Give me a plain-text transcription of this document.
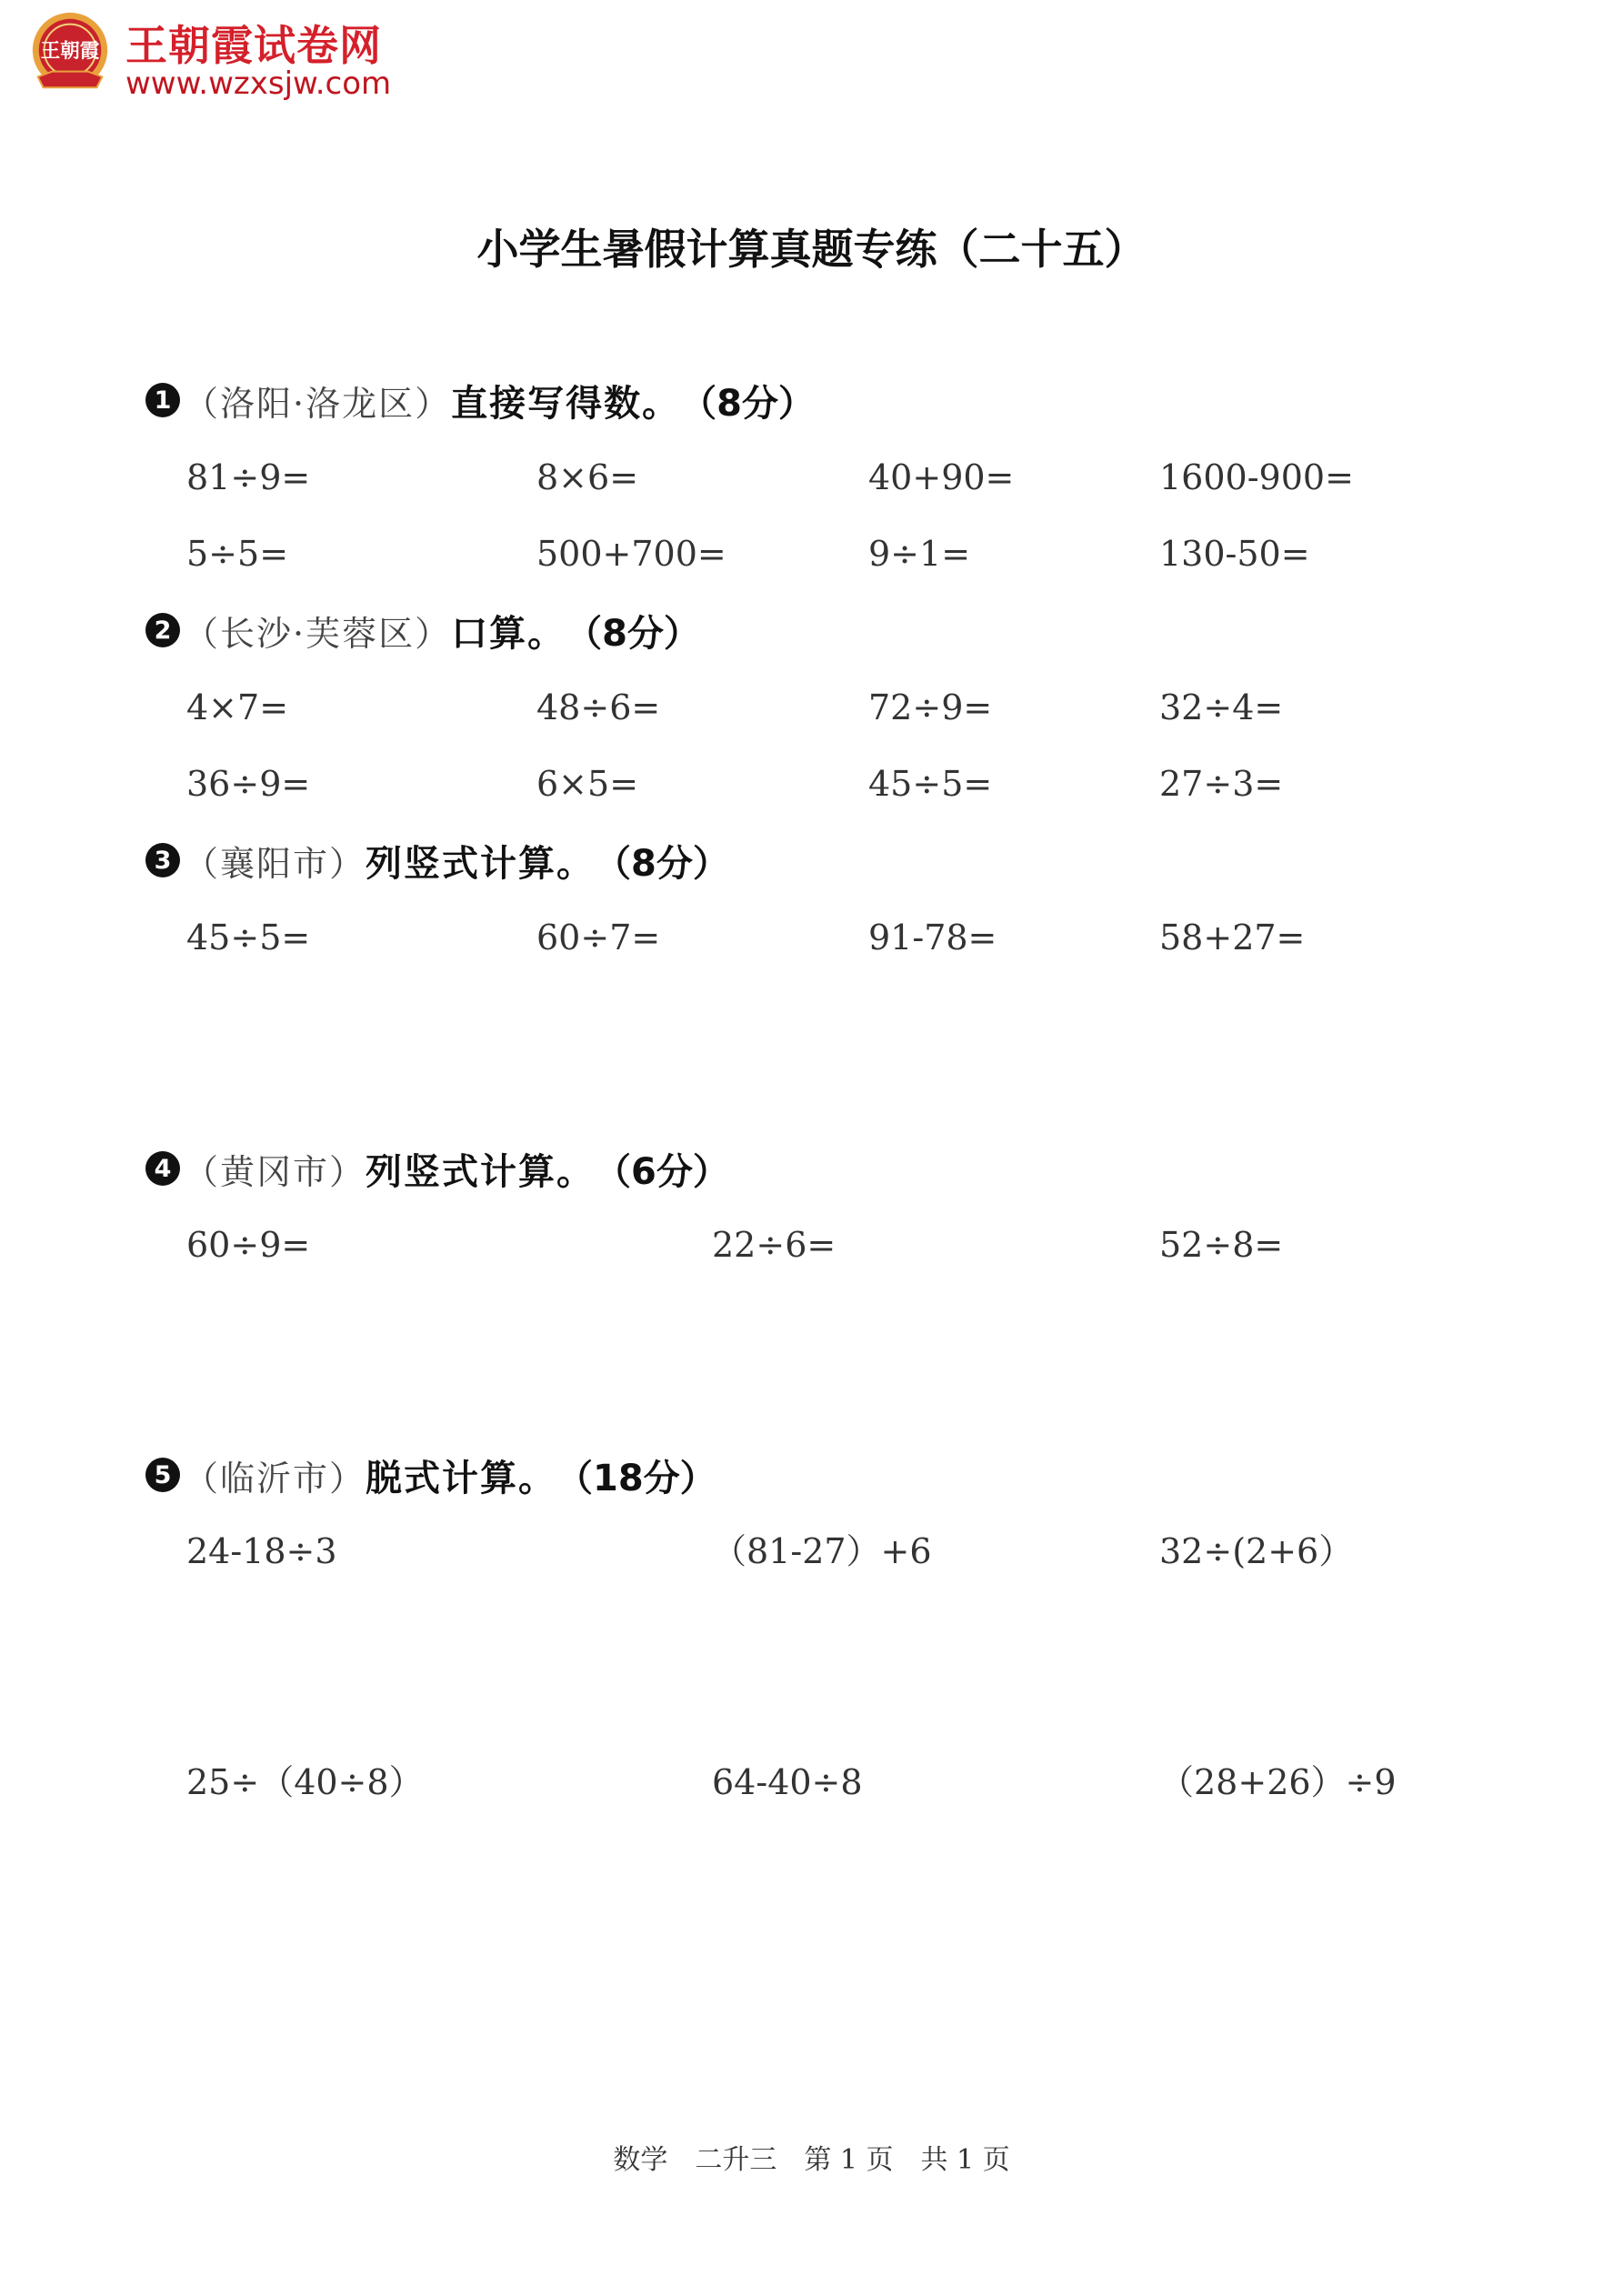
王朝霞 王朝霞试卷网
www.wzxsjw.com
小学生暑假计算真题专练（二十五）
1 （洛阳·洛龙区） 直接写得数。 （8分）
81÷9=	8×6=	40+90=	1600-900=
5÷5=	500+700=	9÷1=	130-50=
2 （长沙·芙蓉区） 口算。 （8分）
4×7=	48÷6=	72÷9=	32÷4=
36÷9=	6×5=	45÷5=	27÷3=
3 （襄阳市） 列竖式计算。 （8分）
45÷5=	60÷7=	91-78=	58+27=
4 （黄冈市） 列竖式计算。 （6分）
60÷9=	22÷6=	52÷8=
5 （临沂市） 脱式计算。 （18分）
24-18÷3	（81-27）+6	32÷(2+6）
25÷（40÷8）	64-40÷8	（28+26）÷9
数学　二升三　第 1 页　共 1 页
